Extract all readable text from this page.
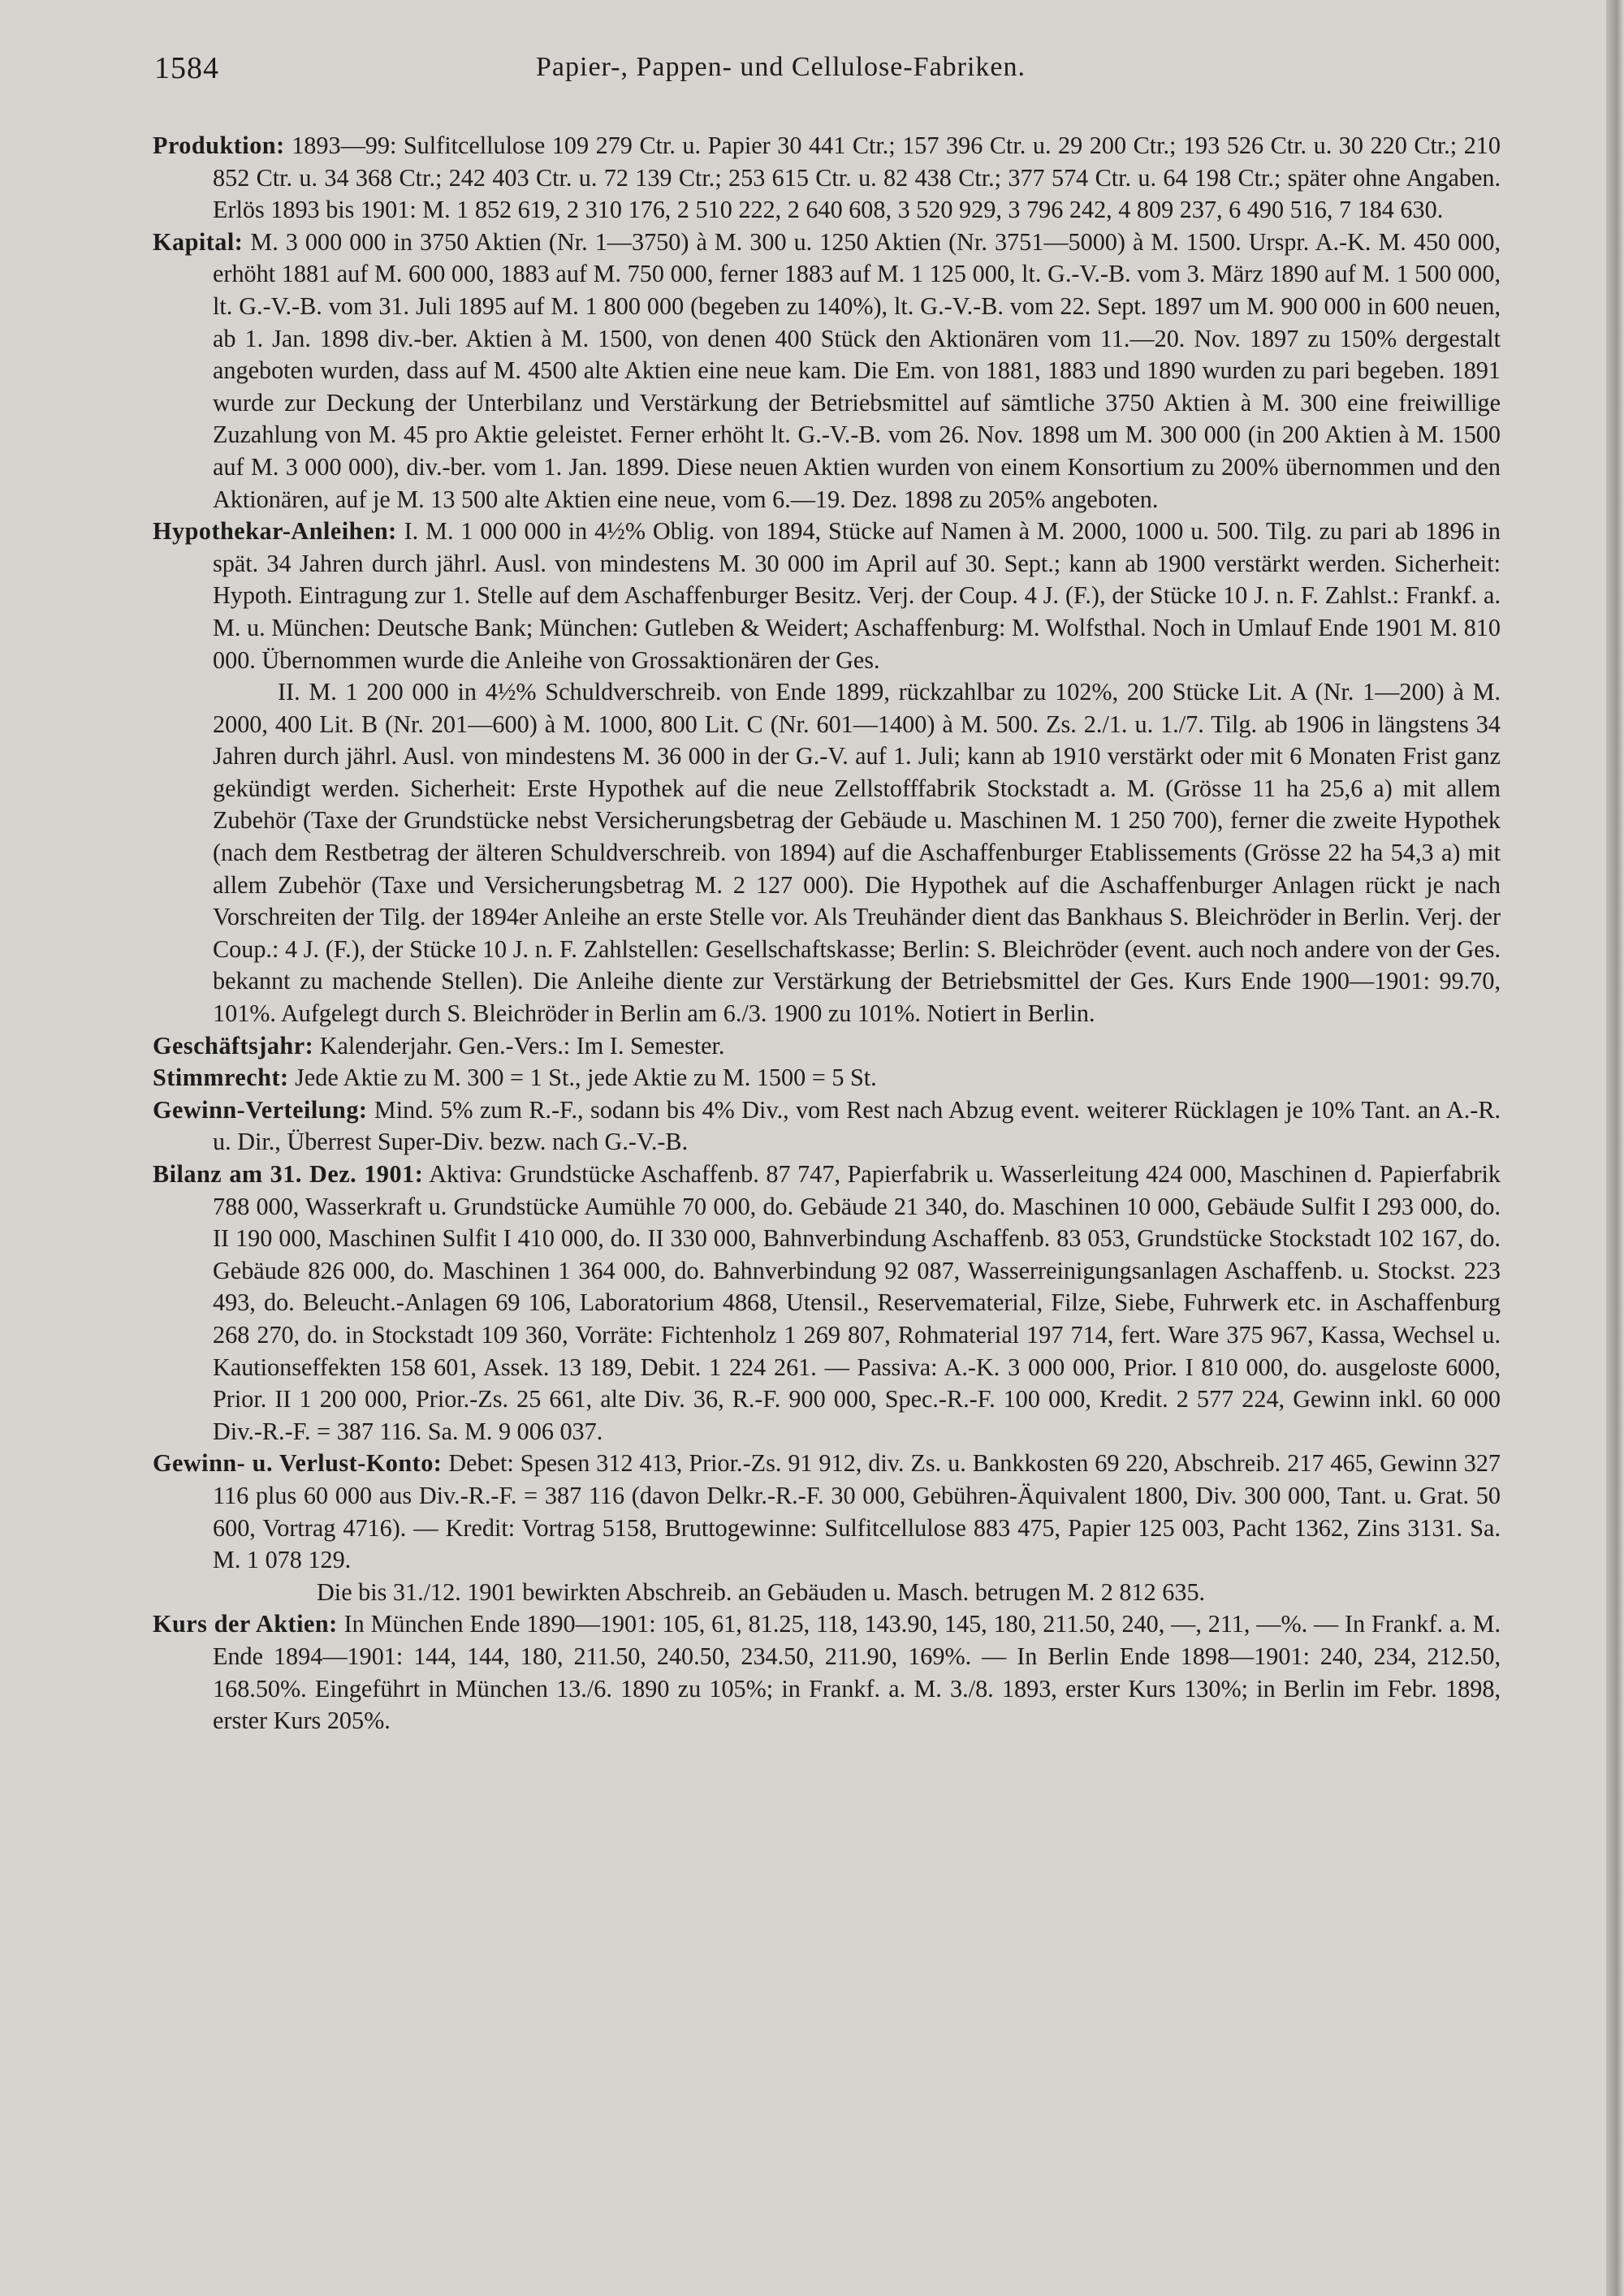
1584	Papier-, Pappen- und Cellulose-Fabriken.

Produktion: 1893—99: Sulfitcellulose 109 279 Ctr. u. Papier 30 441 Ctr.; 157 396 Ctr. u. 29 200 Ctr.; 193 526 Ctr. u. 30 220 Ctr.; 210 852 Ctr. u. 34 368 Ctr.; 242 403 Ctr. u. 72 139 Ctr.; 253 615 Ctr. u. 82 438 Ctr.; 377 574 Ctr. u. 64 198 Ctr.; später ohne Angaben. Erlös 1893 bis 1901: M. 1 852 619, 2 310 176, 2 510 222, 2 640 608, 3 520 929, 3 796 242, 4 809 237, 6 490 516, 7 184 630.

Kapital: M. 3 000 000 in 3750 Aktien (Nr. 1—3750) à M. 300 u. 1250 Aktien (Nr. 3751—5000) à M. 1500. Urspr. A.-K. M. 450 000, erhöht 1881 auf M. 600 000, 1883 auf M. 750 000, ferner 1883 auf M. 1 125 000, lt. G.-V.-B. vom 3. März 1890 auf M. 1 500 000, lt. G.-V.-B. vom 31. Juli 1895 auf M. 1 800 000 (begeben zu 140%), lt. G.-V.-B. vom 22. Sept. 1897 um M. 900 000 in 600 neuen, ab 1. Jan. 1898 div.-ber. Aktien à M. 1500, von denen 400 Stück den Aktionären vom 11.—20. Nov. 1897 zu 150% dergestalt angeboten wurden, dass auf M. 4500 alte Aktien eine neue kam. Die Em. von 1881, 1883 und 1890 wurden zu pari begeben. 1891 wurde zur Deckung der Unterbilanz und Verstärkung der Betriebsmittel auf sämtliche 3750 Aktien à M. 300 eine freiwillige Zuzahlung von M. 45 pro Aktie geleistet. Ferner erhöht lt. G.-V.-B. vom 26. Nov. 1898 um M. 300 000 (in 200 Aktien à M. 1500 auf M. 3 000 000), div.-ber. vom 1. Jan. 1899. Diese neuen Aktien wurden von einem Konsortium zu 200% übernommen und den Aktionären, auf je M. 13 500 alte Aktien eine neue, vom 6.—19. Dez. 1898 zu 205% angeboten.

Hypothekar-Anleihen: I. M. 1 000 000 in 4½% Oblig. von 1894, Stücke auf Namen à M. 2000, 1000 u. 500. Tilg. zu pari ab 1896 in spät. 34 Jahren durch jährl. Ausl. von mindestens M. 30 000 im April auf 30. Sept.; kann ab 1900 verstärkt werden. Sicherheit: Hypoth. Eintragung zur 1. Stelle auf dem Aschaffenburger Besitz. Verj. der Coup. 4 J. (F.), der Stücke 10 J. n. F. Zahlst.: Frankf. a. M. u. München: Deutsche Bank; München: Gutleben & Weidert; Aschaffenburg: M. Wolfsthal. Noch in Umlauf Ende 1901 M. 810 000. Übernommen wurde die Anleihe von Grossaktionären der Ges.

II. M. 1 200 000 in 4½% Schuldverschreib. von Ende 1899, rückzahlbar zu 102%, 200 Stücke Lit. A (Nr. 1—200) à M. 2000, 400 Lit. B (Nr. 201—600) à M. 1000, 800 Lit. C (Nr. 601—1400) à M. 500. Zs. 2./1. u. 1./7. Tilg. ab 1906 in längstens 34 Jahren durch jährl. Ausl. von mindestens M. 36 000 in der G.-V. auf 1. Juli; kann ab 1910 verstärkt oder mit 6 Monaten Frist ganz gekündigt werden. Sicherheit: Erste Hypothek auf die neue Zellstofffabrik Stockstadt a. M. (Grösse 11 ha 25,6 a) mit allem Zubehör (Taxe der Grundstücke nebst Versicherungsbetrag der Gebäude u. Maschinen M. 1 250 700), ferner die zweite Hypothek (nach dem Restbetrag der älteren Schuldverschreib. von 1894) auf die Aschaffenburger Etablissements (Grösse 22 ha 54,3 a) mit allem Zubehör (Taxe und Versicherungsbetrag M. 2 127 000). Die Hypothek auf die Aschaffenburger Anlagen rückt je nach Vorschreiten der Tilg. der 1894er Anleihe an erste Stelle vor. Als Treuhänder dient das Bankhaus S. Bleichröder in Berlin. Verj. der Coup.: 4 J. (F.), der Stücke 10 J. n. F. Zahlstellen: Gesellschaftskasse; Berlin: S. Bleichröder (event. auch noch andere von der Ges. bekannt zu machende Stellen). Die Anleihe diente zur Verstärkung der Betriebsmittel der Ges. Kurs Ende 1900—1901: 99.70, 101%. Aufgelegt durch S. Bleichröder in Berlin am 6./3. 1900 zu 101%. Notiert in Berlin.

Geschäftsjahr: Kalenderjahr. Gen.-Vers.: Im I. Semester.

Stimmrecht: Jede Aktie zu M. 300 = 1 St., jede Aktie zu M. 1500 = 5 St.

Gewinn-Verteilung: Mind. 5% zum R.-F., sodann bis 4% Div., vom Rest nach Abzug event. weiterer Rücklagen je 10% Tant. an A.-R. u. Dir., Überrest Super-Div. bezw. nach G.-V.-B.

Bilanz am 31. Dez. 1901: Aktiva: Grundstücke Aschaffenb. 87 747, Papierfabrik u. Wasserleitung 424 000, Maschinen d. Papierfabrik 788 000, Wasserkraft u. Grundstücke Aumühle 70 000, do. Gebäude 21 340, do. Maschinen 10 000, Gebäude Sulfit I 293 000, do. II 190 000, Maschinen Sulfit I 410 000, do. II 330 000, Bahnverbindung Aschaffenb. 83 053, Grundstücke Stockstadt 102 167, do. Gebäude 826 000, do. Maschinen 1 364 000, do. Bahnverbindung 92 087, Wasserreinigungsanlagen Aschaffenb. u. Stockst. 223 493, do. Beleucht.-Anlagen 69 106, Laboratorium 4868, Utensil., Reservematerial, Filze, Siebe, Fuhrwerk etc. in Aschaffenburg 268 270, do. in Stockstadt 109 360, Vorräte: Fichtenholz 1 269 807, Rohmaterial 197 714, fert. Ware 375 967, Kassa, Wechsel u. Kautionseffekten 158 601, Assek. 13 189, Debit. 1 224 261. — Passiva: A.-K. 3 000 000, Prior. I 810 000, do. ausgeloste 6000, Prior. II 1 200 000, Prior.-Zs. 25 661, alte Div. 36, R.-F. 900 000, Spec.-R.-F. 100 000, Kredit. 2 577 224, Gewinn inkl. 60 000 Div.-R.-F. = 387 116. Sa. M. 9 006 037.

Gewinn- u. Verlust-Konto: Debet: Spesen 312 413, Prior.-Zs. 91 912, div. Zs. u. Bankkosten 69 220, Abschreib. 217 465, Gewinn 327 116 plus 60 000 aus Div.-R.-F. = 387 116 (davon Delkr.-R.-F. 30 000, Gebühren-Äquivalent 1800, Div. 300 000, Tant. u. Grat. 50 600, Vortrag 4716). — Kredit: Vortrag 5158, Bruttogewinne: Sulfitcellulose 883 475, Papier 125 003, Pacht 1362, Zins 3131. Sa. M. 1 078 129.

Die bis 31./12. 1901 bewirkten Abschreib. an Gebäuden u. Masch. betrugen M. 2 812 635.

Kurs der Aktien: In München Ende 1890—1901: 105, 61, 81.25, 118, 143.90, 145, 180, 211.50, 240, —, 211, —%. — In Frankf. a. M. Ende 1894—1901: 144, 144, 180, 211.50, 240.50, 234.50, 211.90, 169%. — In Berlin Ende 1898—1901: 240, 234, 212.50, 168.50%. Eingeführt in München 13./6. 1890 zu 105%; in Frankf. a. M. 3./8. 1893, erster Kurs 130%; in Berlin im Febr. 1898, erster Kurs 205%.
